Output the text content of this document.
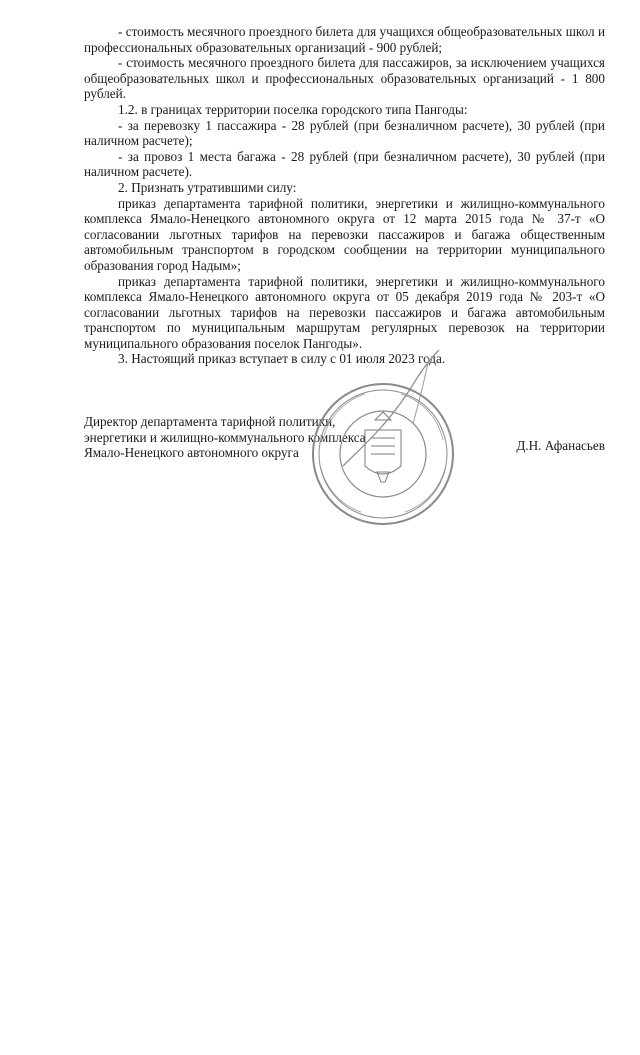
- стоимость месячного проездного билета для учащихся общеобразовательных школ и профессиональных образовательных организаций - 900 рублей;

- стоимость месячного проездного билета для пассажиров, за исключением учащихся общеобразовательных школ и профессиональных образовательных организаций - 1 800 рублей.

1.2. в границах территории поселка городского типа Пангоды:

- за перевозку 1 пассажира - 28 рублей (при безналичном расчете), 30 рублей (при наличном расчете);

- за провоз 1 места багажа - 28 рублей (при безналичном расчете), 30 рублей (при наличном расчете).

2. Признать утратившими силу:

приказ департамента тарифной политики, энергетики и жилищно-коммунального комплекса Ямало-Ненецкого автономного округа от 12 марта 2015 года № 37-т «О согласовании льготных тарифов на перевозки пассажиров и багажа общественным автомобильным транспортом в городском сообщении на территории муниципального образования город Надым»;

приказ департамента тарифной политики, энергетики и жилищно-коммунального комплекса Ямало-Ненецкого автономного округа от 05 декабря 2019 года № 203-т «О согласовании льготных тарифов на перевозки пассажиров и багажа автомобильным транспортом по муниципальным маршрутам регулярных перевозок на территории муниципального образования поселок Пангоды».

3. Настоящий приказ вступает в силу с 01 июля 2023 года.

Директор департамента тарифной политики,
энергетики и жилищно-коммунального комплекса
Ямало-Ненецкого автономного округа	Д.Н. Афанасьев
